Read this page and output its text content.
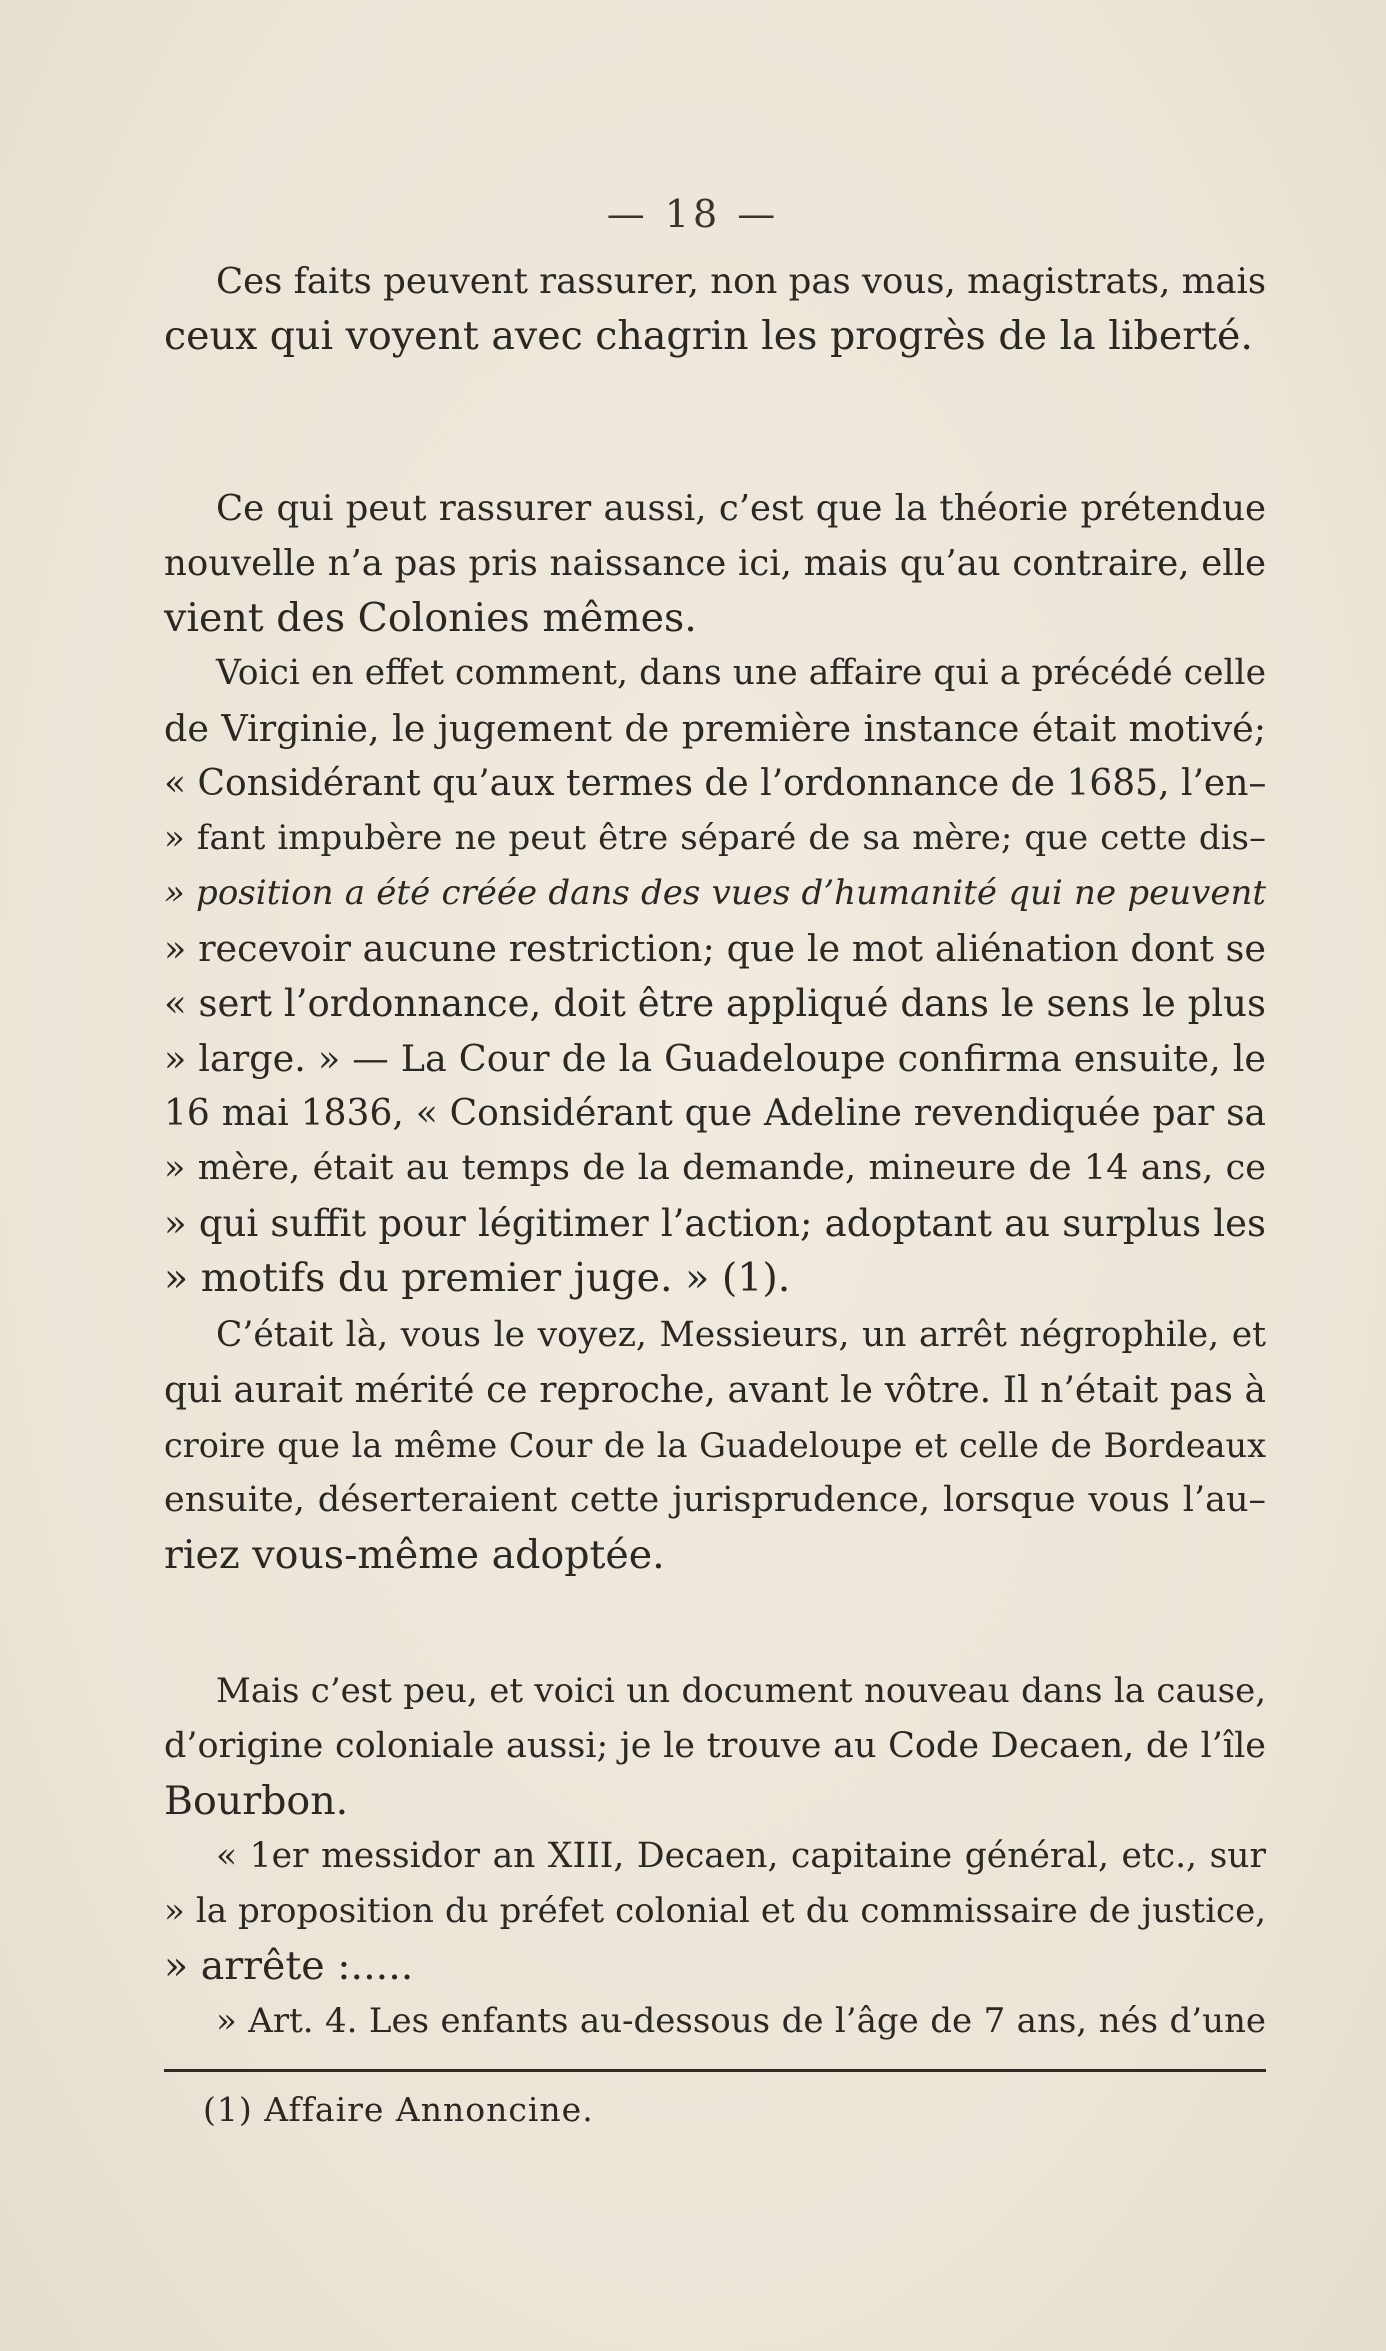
— 18 —
Ces faits peuvent rassurer, non pas vous, magistrats, mais
ceux qui voyent avec chagrin les progrès de la liberté.
Ce qui peut rassurer aussi, c’est que la théorie prétendue
nouvelle n’a pas pris naissance ici, mais qu’au contraire, elle
vient des Colonies mêmes.
Voici en effet comment, dans une affaire qui a précédé celle
de Virginie, le jugement de première instance était motivé;
« Considérant qu’aux termes de l’ordonnance de 1685, l’en–
» fant impubère ne peut être séparé de sa mère; que cette dis–
» position a été créée dans des vues d’humanité qui ne peuvent
» recevoir aucune restriction; que le mot aliénation dont se
« sert l’ordonnance, doit être appliqué dans le sens le plus
» large. » — La Cour de la Guadeloupe confirma ensuite, le
16 mai 1836, « Considérant que Adeline revendiquée par sa
» mère, était au temps de la demande, mineure de 14 ans, ce
» qui suffit pour légitimer l’action; adoptant au surplus les
» motifs du premier juge. » (1).
C’était là, vous le voyez, Messieurs, un arrêt négrophile, et
qui aurait mérité ce reproche, avant le vôtre. Il n’était pas à
croire que la même Cour de la Guadeloupe et celle de Bordeaux
ensuite, déserteraient cette jurisprudence, lorsque vous l’au–
riez vous-même adoptée.
Mais c’est peu, et voici un document nouveau dans la cause,
d’origine coloniale aussi; je le trouve au Code Decaen, de l’île
Bourbon.
« 1er messidor an XIII, Decaen, capitaine général, etc., sur
» la proposition du préfet colonial et du commissaire de justice,
» arrête :.....
» Art. 4. Les enfants au-dessous de l’âge de 7 ans, nés d’une
(1) Affaire Annoncine.
